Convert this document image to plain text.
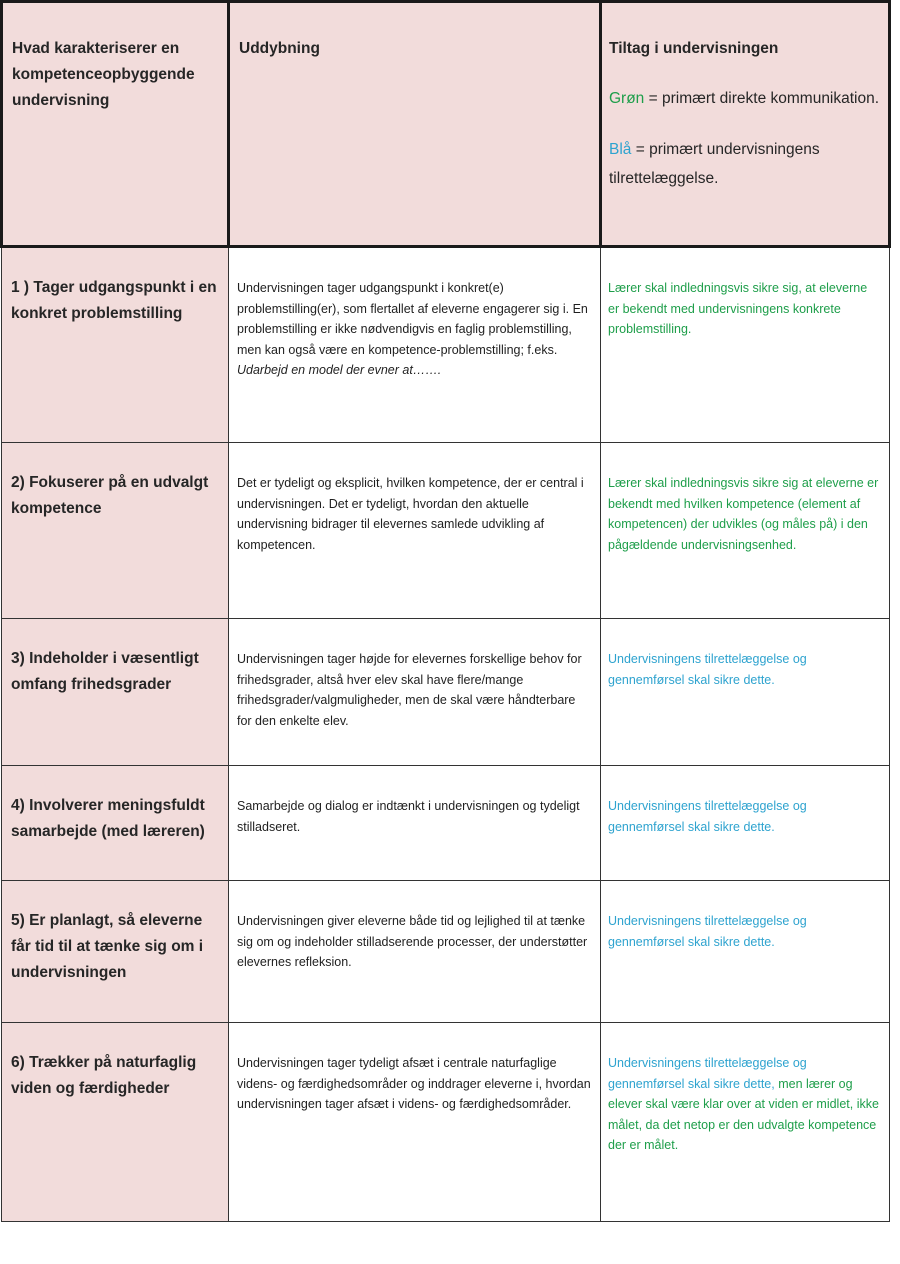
Hvad karakteriserer en kompetenceopbyggende undervisning	Uddybning	Tiltag i undervisningen
Grøn = primært direkte kommunikation.
Blå = primært undervisningens tilrettelæggelse.

1 ) Tager udgangspunkt i en konkret problemstilling	Undervisningen tager udgangspunkt i konkret(e) problemstilling(er), som flertallet af eleverne engagerer sig i. En problemstilling er ikke nødvendigvis en faglig problemstilling, men kan også være en kompetence-problemstilling; f.eks. Udarbejd en model der evner at…….	Lærer skal indledningsvis sikre sig, at eleverne er bekendt med undervisningens konkrete problemstilling.

2) Fokuserer på en udvalgt kompetence	Det er tydeligt og eksplicit, hvilken kompetence, der er central i undervisningen. Det er tydeligt, hvordan den aktuelle undervisning bidrager til elevernes samlede udvikling af kompetencen.	Lærer skal indledningsvis sikre sig at eleverne er bekendt med hvilken kompetence (element af kompetencen) der udvikles (og måles på) i den pågældende undervisningsenhed.

3) Indeholder i væsentligt omfang frihedsgrader	Undervisningen tager højde for elevernes forskellige behov for frihedsgrader, altså hver elev skal have flere/mange frihedsgrader/valgmuligheder, men de skal være håndterbare for den enkelte elev.	Undervisningens tilrettelæggelse og gennemførsel skal sikre dette.

4) Involverer meningsfuldt samarbejde (med læreren)	Samarbejde og dialog er indtænkt i undervisningen og tydeligt stilladseret.	Undervisningens tilrettelæggelse og gennemførsel skal sikre dette.

5) Er planlagt, så eleverne får tid til at tænke sig om i undervisningen	Undervisningen giver eleverne både tid og lejlighed til at tænke sig om og indeholder stilladserende processer, der understøtter elevernes refleksion.	Undervisningens tilrettelæggelse og gennemførsel skal sikre dette.

6) Trækker på naturfaglig viden og færdigheder	Undervisningen tager tydeligt afsæt i centrale naturfaglige videns- og færdighedsområder og inddrager eleverne i, hvordan undervisningen tager afsæt i videns- og færdighedsområder.	Undervisningens tilrettelæggelse og gennemførsel skal sikre dette, men lærer og elever skal være klar over at viden er midlet, ikke målet, da det netop er den udvalgte kompetence der er målet.
